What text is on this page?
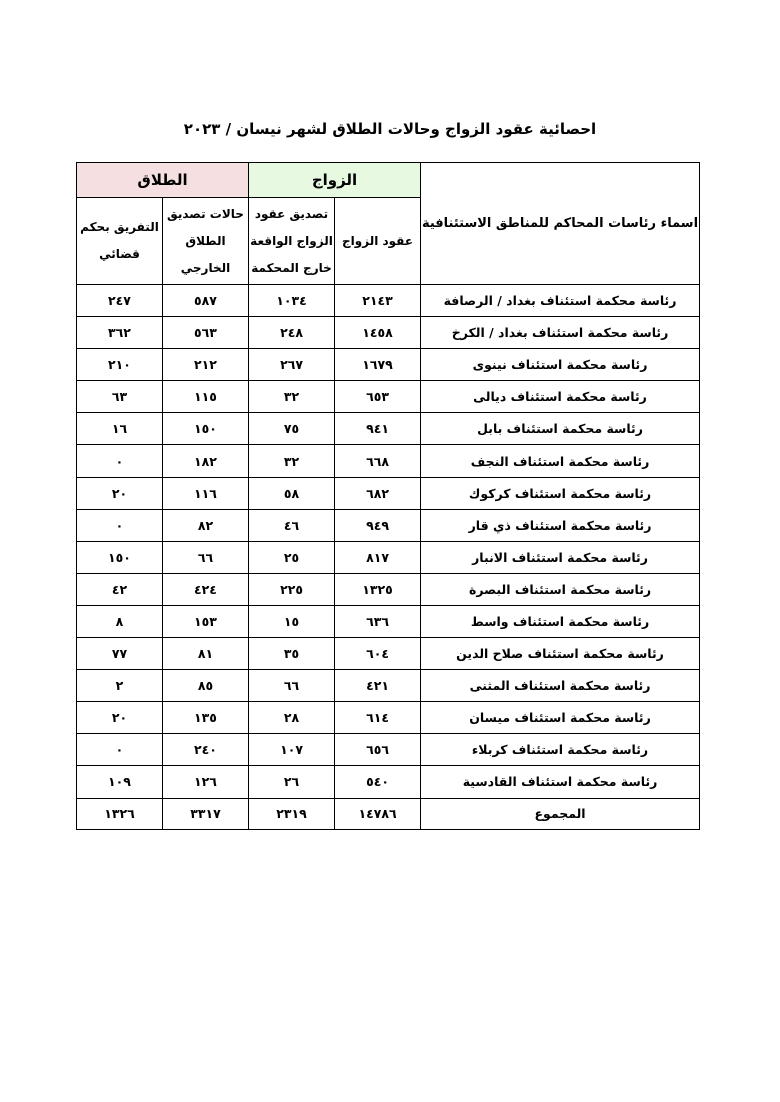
احصائية عقود الزواج وحالات الطلاق لشهر نيسان / ٢٠٢٣
اسماء رئاسات المحاكم للمناطق الاستئنافية	الزواج		الطلاق	
	عقود الزواج	تصديق عقود الزواج الواقعة خارج المحكمة	حالات تصديق الطلاق الخارجي	التفريق بحكم قضائي
رئاسة محكمة استئناف بغداد / الرصافة	٢١٤٣	١٠٣٤	٥٨٧	٢٤٧
رئاسة محكمة استئناف بغداد / الكرخ	١٤٥٨	٢٤٨	٥٦٣	٣٦٢
رئاسة محكمة استئناف نينوى	١٦٧٩	٢٦٧	٢١٢	٢١٠
رئاسة محكمة استئناف ديالى	٦٥٣	٣٢	١١٥	٦٣
رئاسة محكمة استئناف بابل	٩٤١	٧٥	١٥٠	١٦
رئاسة محكمة استئناف النجف	٦٦٨	٣٢	١٨٢	٠
رئاسة محكمة استئناف كركوك	٦٨٢	٥٨	١١٦	٢٠
رئاسة محكمة استئناف ذي قار	٩٤٩	٤٦	٨٢	٠
رئاسة محكمة استئناف الانبار	٨١٧	٢٥	٦٦	١٥٠
رئاسة محكمة استئناف البصرة	١٣٢٥	٢٢٥	٤٢٤	٤٢
رئاسة محكمة استئناف واسط	٦٣٦	١٥	١٥٣	٨
رئاسة محكمة استئناف صلاح الدين	٦٠٤	٣٥	٨١	٧٧
رئاسة محكمة استئناف المثنى	٤٢١	٦٦	٨٥	٢
رئاسة محكمة استئناف ميسان	٦١٤	٢٨	١٣٥	٢٠
رئاسة محكمة استئناف كربلاء	٦٥٦	١٠٧	٢٤٠	٠
رئاسة محكمة استئناف القادسية	٥٤٠	٢٦	١٢٦	١٠٩
المجموع	١٤٧٨٦	٢٣١٩	٣٣١٧	١٣٢٦
